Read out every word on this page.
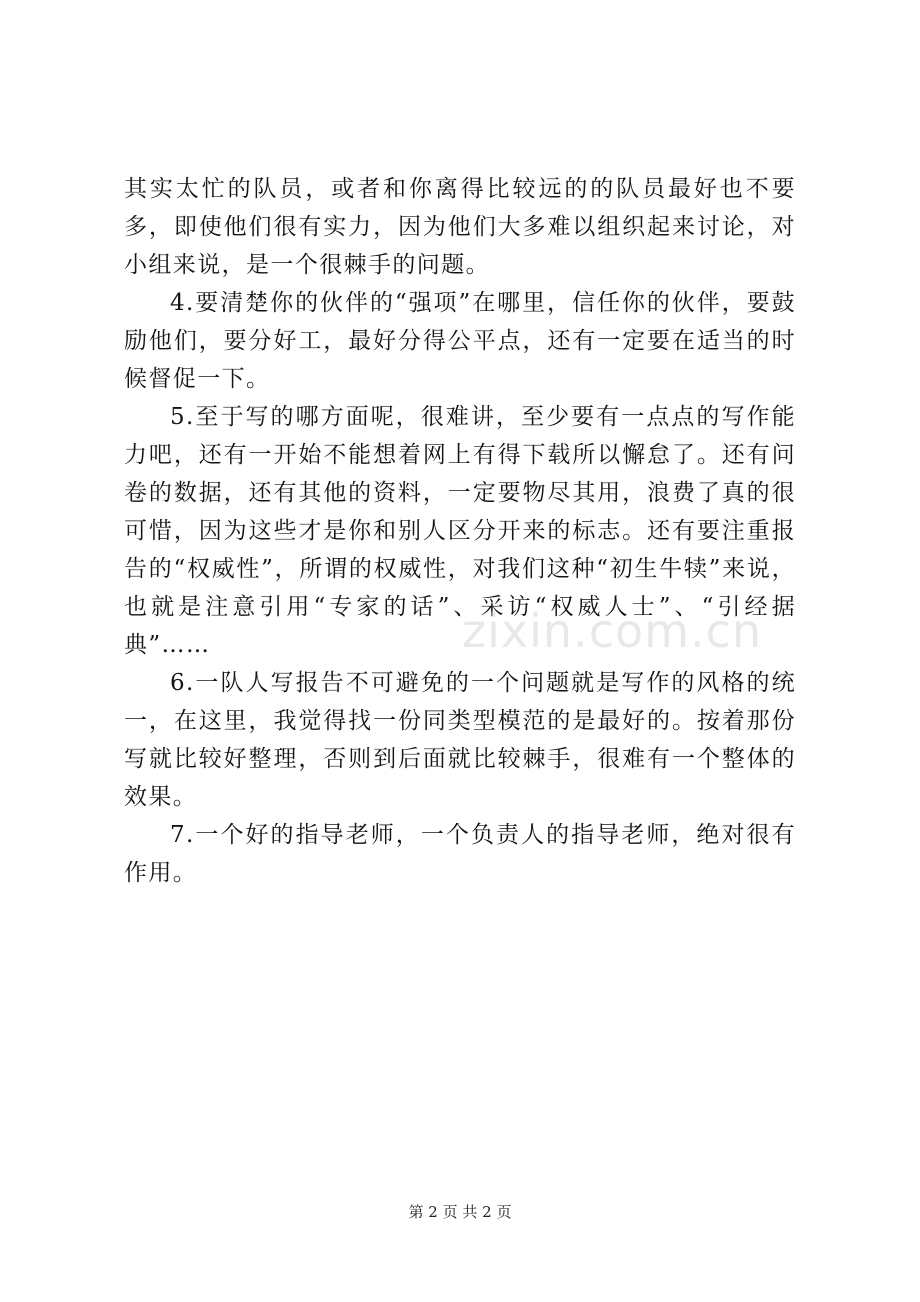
其实太忙的队员，或者和你离得比较远的的队员最好也不要多，即使他们很有实力，因为他们大多难以组织起来讨论，对小组来说，是一个很棘手的问题。

4.要清楚你的伙伴的“强项”在哪里，信任你的伙伴，要鼓励他们，要分好工，最好分得公平点，还有一定要在适当的时候督促一下。

5.至于写的哪方面呢，很难讲，至少要有一点点的写作能力吧，还有一开始不能想着网上有得下载所以懈怠了。还有问卷的数据，还有其他的资料，一定要物尽其用，浪费了真的很可惜，因为这些才是你和别人区分开来的标志。还有要注重报告的“权威性”，所谓的权威性，对我们这种“初生牛犊”来说，也就是注意引用“专家的话”、采访“权威人士”、“引经据典”……

6.一队人写报告不可避免的一个问题就是写作的风格的统一，在这里，我觉得找一份同类型模范的是最好的。按着那份写就比较好整理，否则到后面就比较棘手，很难有一个整体的效果。

7.一个好的指导老师，一个负责人的指导老师，绝对很有作用。

zixin.com.cn
第 2 页 共 2 页
